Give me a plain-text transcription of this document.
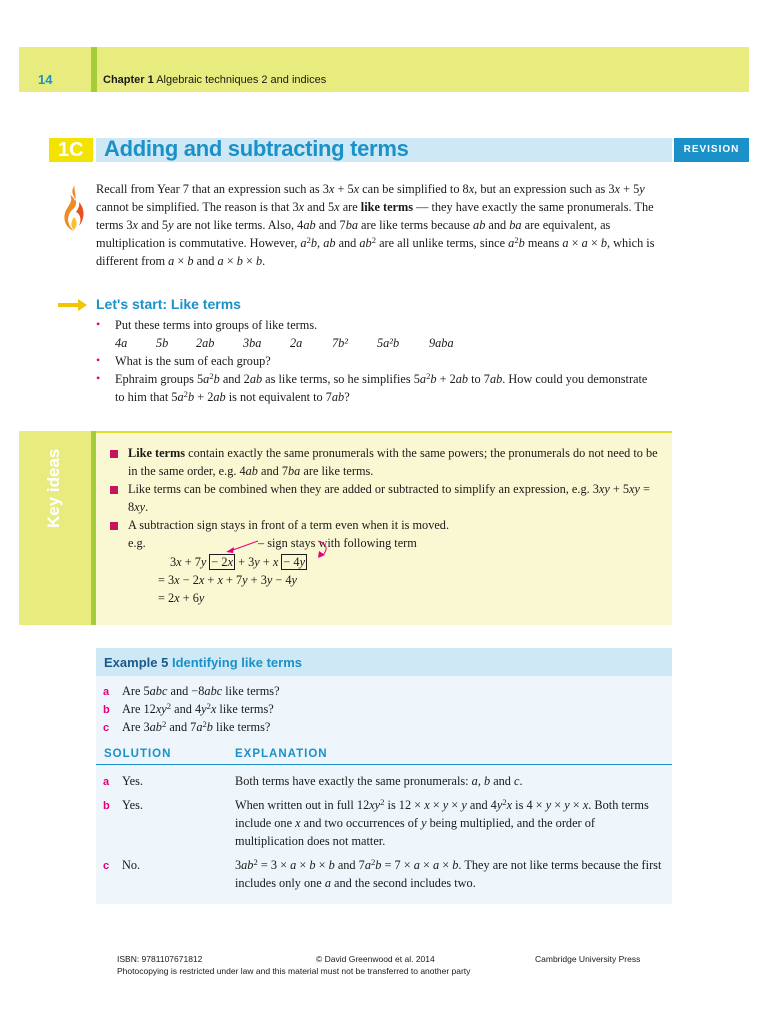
14	Chapter 1 Algebraic techniques 2 and indices
1C Adding and subtracting terms	REVISION
Recall from Year 7 that an expression such as 3x + 5x can be simplified to 8x, but an expression such as 3x + 5y cannot be simplified. The reason is that 3x and 5x are like terms — they have exactly the same pronumerals. The terms 3x and 5y are not like terms. Also, 4ab and 7ba are like terms because ab and ba are equivalent, as multiplication is commutative. However, $a^2b$, ab and $ab^2$ are all unlike terms, since $a^2b$ means a × a × b, which is different from a × b and a × b × b.
Let's start: Like terms
• Put these terms into groups of like terms.
4a 5b 2ab 3ba 2a 7b² 5a²b 9aba
• What is the sum of each group?
• Ephraim groups $5a^2b$ and 2ab as like terms, so he simplifies $5a^2b + 2ab$ to 7ab. How could you demonstrate to him that $5a^2b + 2ab$ is not equivalent to 7ab?
Key ideas	Like terms contain exactly the same pronumerals with the same powers; the pronumerals do not need to be in the same order, e.g. 4ab and 7ba are like terms.
Like terms can be combined when they are added or subtracted to simplify an expression, e.g. 3xy + 5xy = 8xy.
A subtraction sign stays in front of a term even when it is moved.
e.g.	– sign stays with following term
3x + 7y − 2x + 3y + x − 4y
= 3x − 2x + x + 7y + 3y − 4y
= 2x + 6y
Example 5 Identifying like terms
a Are 5abc and −8abc like terms?
b Are $12xy^2$ and $4y^2x$ like terms?
c Are $3ab^2$ and $7a^2b$ like terms?
SOLUTION	EXPLANATION
a Yes.	Both terms have exactly the same pronumerals: a, b and c.
b Yes.	When written out in full $12xy^2$ is 12 × x × y × y and $4y^2x$ is 4 × y × y × x. Both terms include one x and two occurrences of y being multiplied, and the order of multiplication does not matter.
c No.	$3ab^2 = 3 \times a \times b \times b$ and $7a^2b = 7 \times a \times a \times b$. They are not like terms because the first includes only one a and the second includes two.
ISBN: 9781107671812	© David Greenwood et al. 2014	Cambridge University Press
Photocopying is restricted under law and this material must not be transferred to another party
